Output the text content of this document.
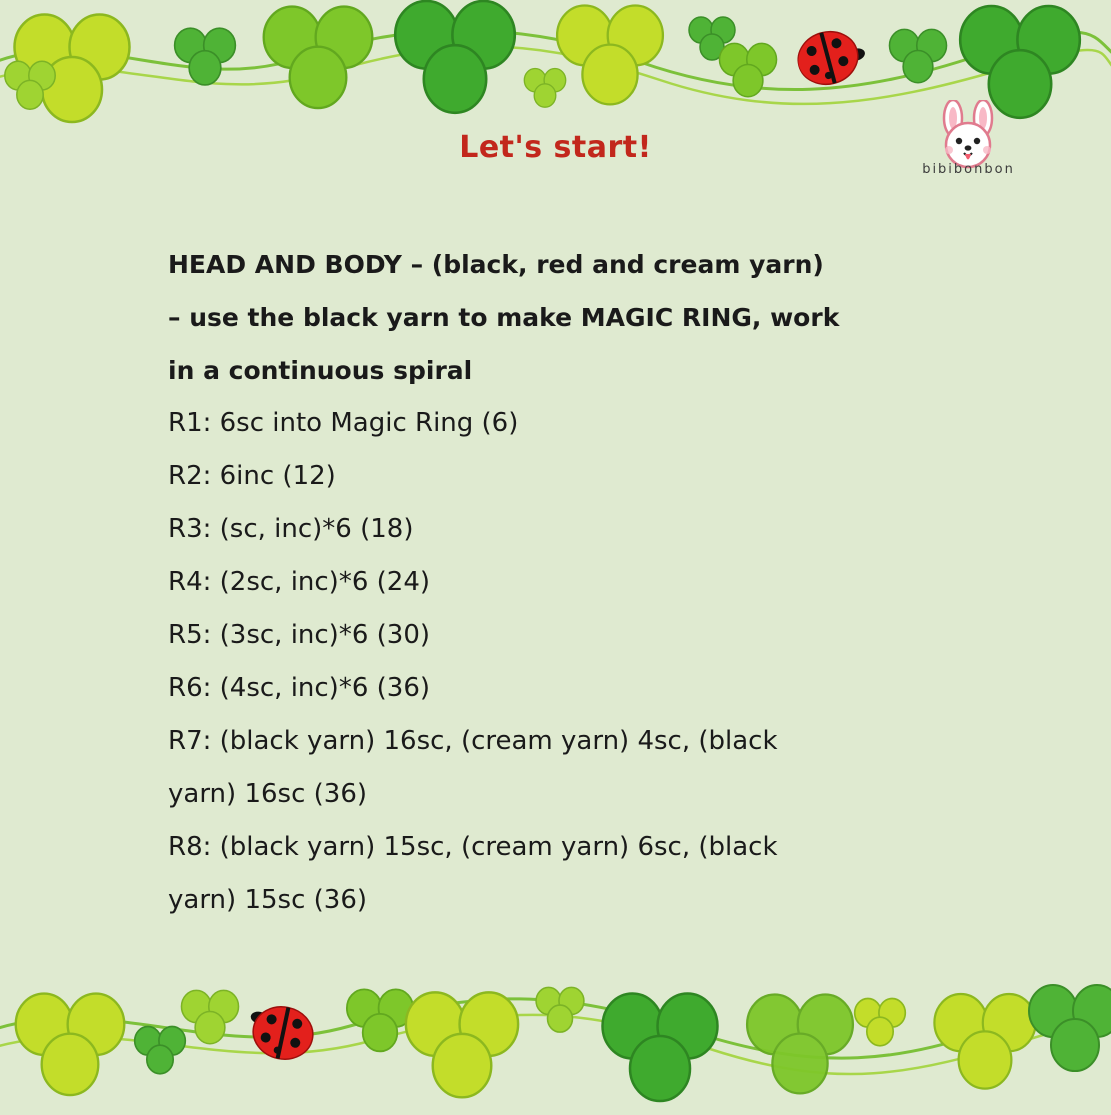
Let's start!
bibibonbon
HEAD AND BODY – (black, red and cream yarn)
– use the black yarn to make MAGIC RING, work
in a continuous spiral
R1: 6sc into Magic Ring (6)
R2: 6inc (12)
R3: (sc, inc)*6 (18)
R4: (2sc, inc)*6 (24)
R5: (3sc, inc)*6 (30)
R6: (4sc, inc)*6 (36)
R7: (black yarn) 16sc, (cream yarn) 4sc, (black
yarn) 16sc (36)
R8: (black yarn) 15sc, (cream yarn) 6sc, (black
yarn) 15sc (36)
